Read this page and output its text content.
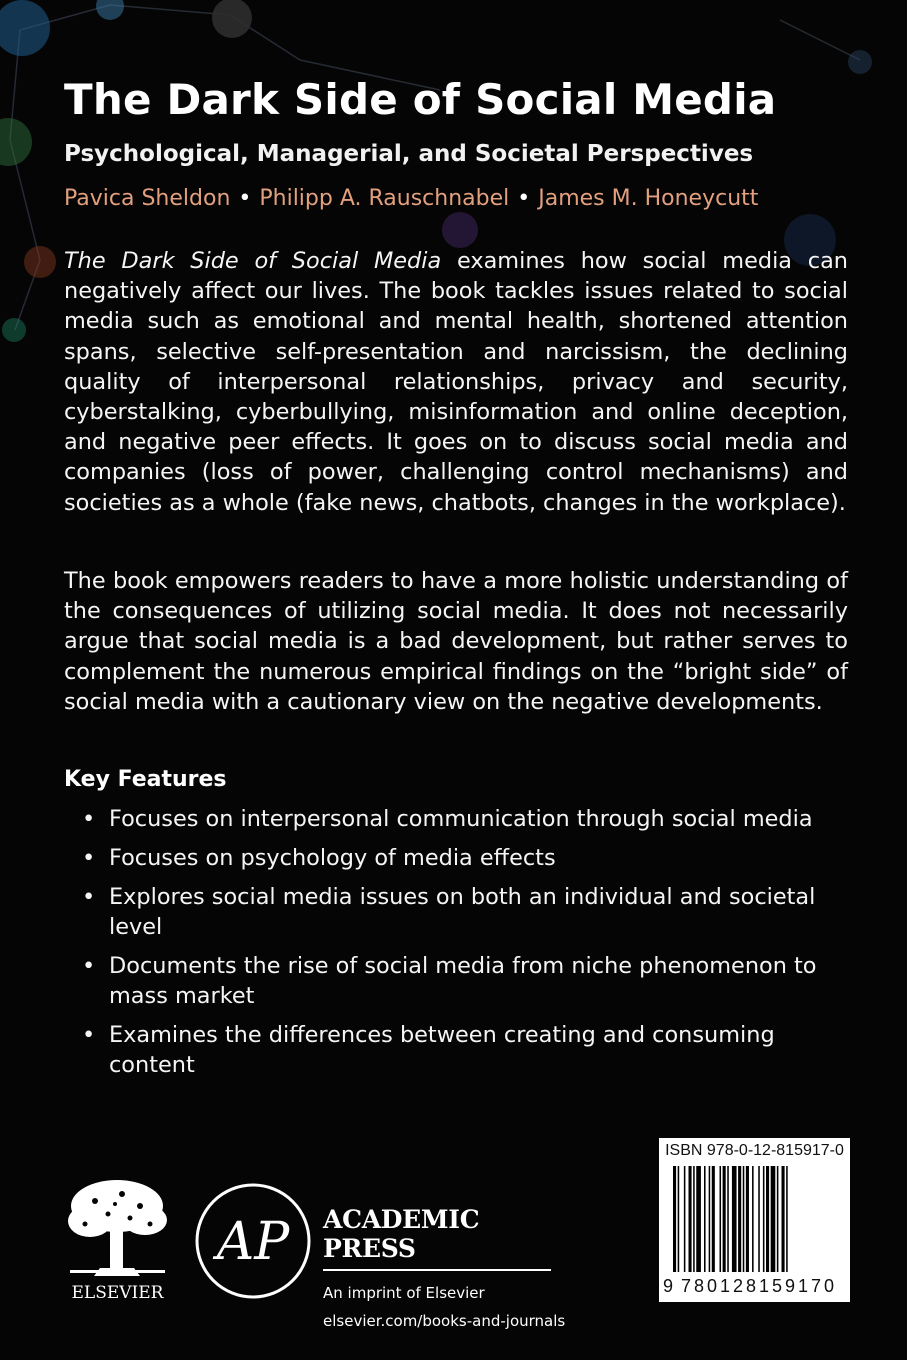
The Dark Side of Social Media
Psychological, Managerial, and Societal Perspectives
Pavica Sheldon • Philipp A. Rauschnabel • James M. Honeycutt
The Dark Side of Social Media examines how social media can negatively affect our lives. The book tackles issues related to social media such as emotional and mental health, shortened attention spans, selective self-presentation and narcissism, the declining quality of interpersonal relationships, privacy and security, cyberstalking, cyberbullying, misinformation and online deception, and negative peer effects. It goes on to discuss social media and companies (loss of power, challenging control mechanisms) and societies as a whole (fake news, chatbots, changes in the workplace).
The book empowers readers to have a more holistic understanding of the consequences of utilizing social media. It does not necessarily argue that social media is a bad development, but rather serves to complement the numerous empirical findings on the “bright side” of social media with a cautionary view on the negative developments.
Key Features
• Focuses on interpersonal communication through social media
• Focuses on psychology of media effects
• Explores social media issues on both an individual and societal level
• Documents the rise of social media from niche phenomenon to mass market
• Examines the differences between creating and consuming content
ELSEVIER
AP ACADEMIC PRESS
An imprint of Elsevier
elsevier.com/books-and-journals
ISBN 978-0-12-815917-0
9 780128 159170
